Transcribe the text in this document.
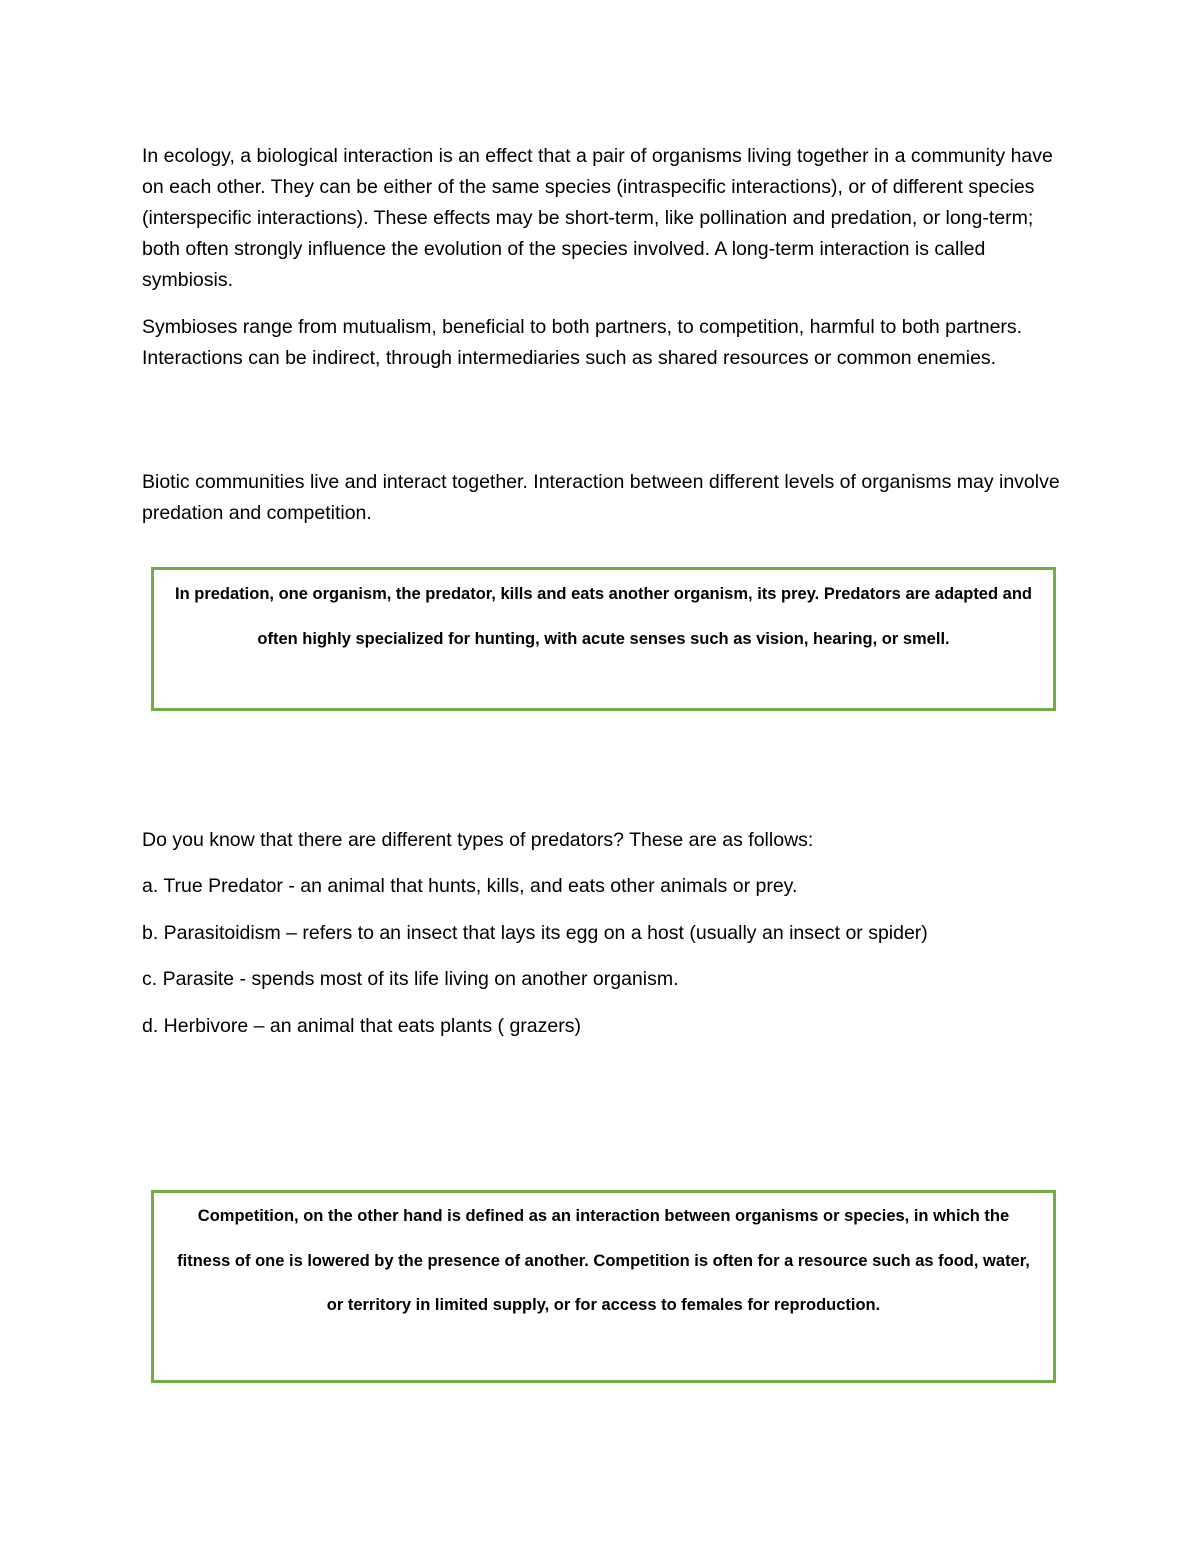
In ecology, a biological interaction is an effect that a pair of organisms living together in a community have on each other. They can be either of the same species (intraspecific interactions), or of different species (interspecific interactions). These effects may be short-term, like pollination and predation, or long-term; both often strongly influence the evolution of the species involved. A long-term interaction is called symbiosis.

Symbioses range from mutualism, beneficial to both partners, to competition, harmful to both partners. Interactions can be indirect, through intermediaries such as shared resources or common enemies.

Biotic communities live and interact together. Interaction between different levels of organisms may involve predation and competition.

In predation, one organism, the predator, kills and eats another organism, its prey. Predators are adapted and often highly specialized for hunting, with acute senses such as vision, hearing, or smell.

Do you know that there are different types of predators? These are as follows:

a. True Predator - an animal that hunts, kills, and eats other animals or prey.
b. Parasitoidism – refers to an insect that lays its egg on a host (usually an insect or spider)
c. Parasite - spends most of its life living on another organism.
d. Herbivore – an animal that eats plants ( grazers)
Competition, on the other hand is defined as an interaction between organisms or species, in which the fitness of one is lowered by the presence of another. Competition is often for a resource such as food, water, or territory in limited supply, or for access to females for reproduction.
